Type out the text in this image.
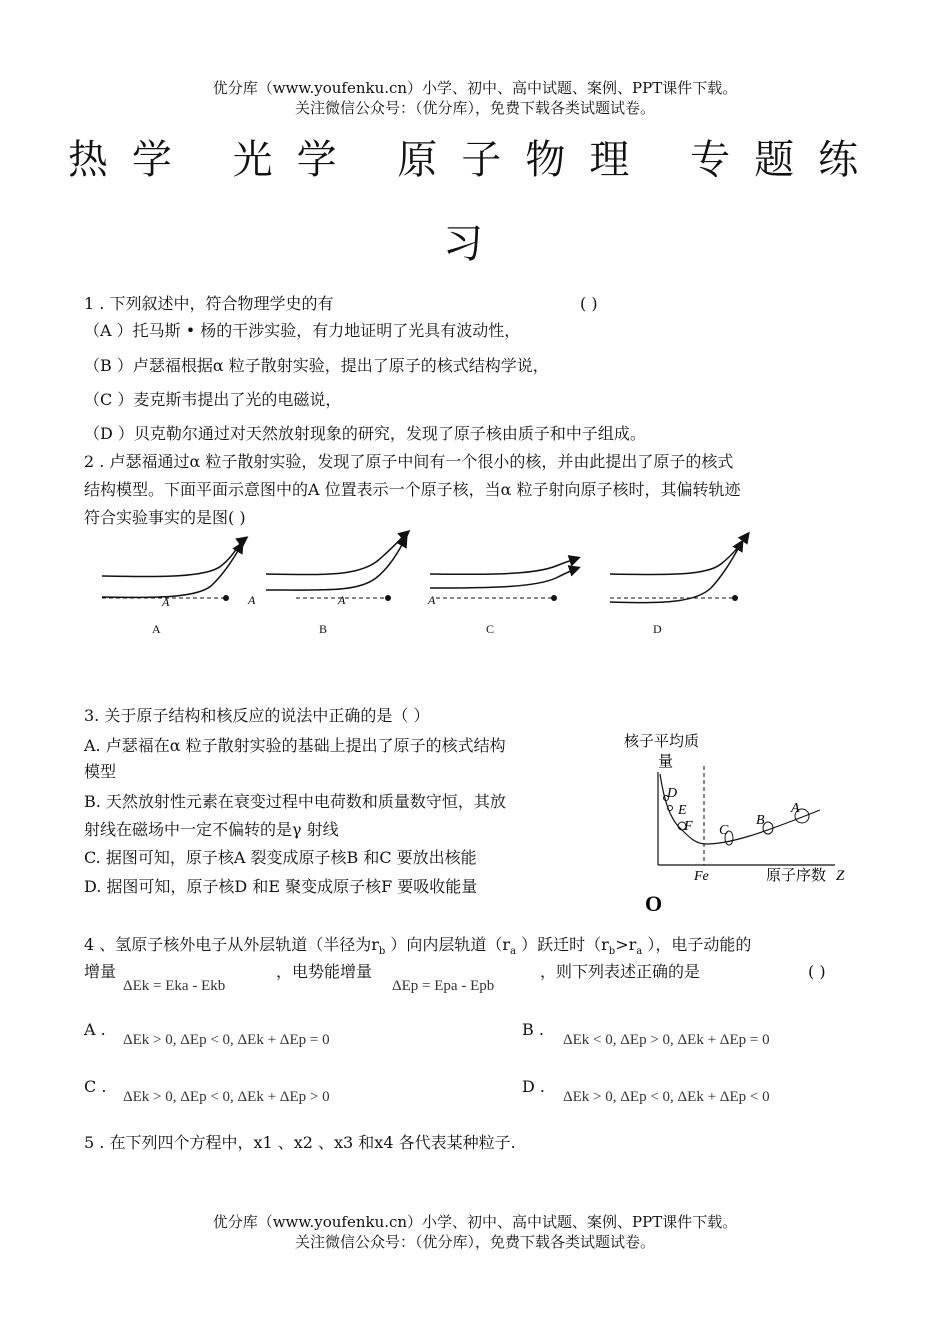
优分库（www.youfenku.cn）小学、初中、高中试题、案例、PPT课件下载。
关注微信公众号：（优分库），免费下载各类试题试卷。
热学 光学 原子物理 专题练
习
1 . 下列叙述中，符合物理学史的有	( )
（A ）托马斯 • 杨的干涉实验，有力地证明了光具有波动性，
（B ）卢瑟福根据α 粒子散射实验，提出了原子的核式结构学说，
（C ）麦克斯韦提出了光的电磁说，
（D ）贝克勒尔通过对天然放射现象的研究，发现了原子核由质子和中子组成。
2 . 卢瑟福通过α 粒子散射实验，发现了原子中间有一个很小的核，并由此提出了原子的核式
结构模型。下面平面示意图中的A 位置表示一个原子核，当α 粒子射向原子核时，其偏转轨迹
符合实验事实的是图( )
A	A	A	A
A	B	C	D
3. 关于原子结构和核反应的说法中正确的是（ ）
A. 卢瑟福在α 粒子散射实验的基础上提出了原子的核式结构
模型
B. 天然放射性元素在衰变过程中电荷数和质量数守恒，其放
射线在磁场中一定不偏转的是γ 射线
C. 据图可知，原子核A 裂变成原子核B 和C 要放出核能
D. 据图可知，原子核D 和E 聚变成原子核F 要吸收能量
核子平均质
量
D
E
F C
B
A
Fe	原子序数 Z
O
4 、氢原子核外电子从外层轨道（半径为$r_b$ ）向内层轨道（$r_a$ ）跃迁时（$r_b>r_a$ ），电子动能的
增量
ΔEk = Eka - Ekb
，电势能增量
ΔEp = Epa - Epb
，则下列表述正确的是	( )
A .
ΔEk > 0, ΔEp < 0, ΔEk + ΔEp = 0
B .
ΔEk < 0, ΔEp > 0, ΔEk + ΔEp = 0
C .
ΔEk > 0, ΔEp < 0, ΔEk + ΔEp > 0
D .
ΔEk > 0, ΔEp < 0, ΔEk + ΔEp < 0
5 . 在下列四个方程中，x1 、x2 、x3 和x4 各代表某种粒子.
优分库（www.youfenku.cn）小学、初中、高中试题、案例、PPT课件下载。
关注微信公众号：（优分库），免费下载各类试题试卷。
